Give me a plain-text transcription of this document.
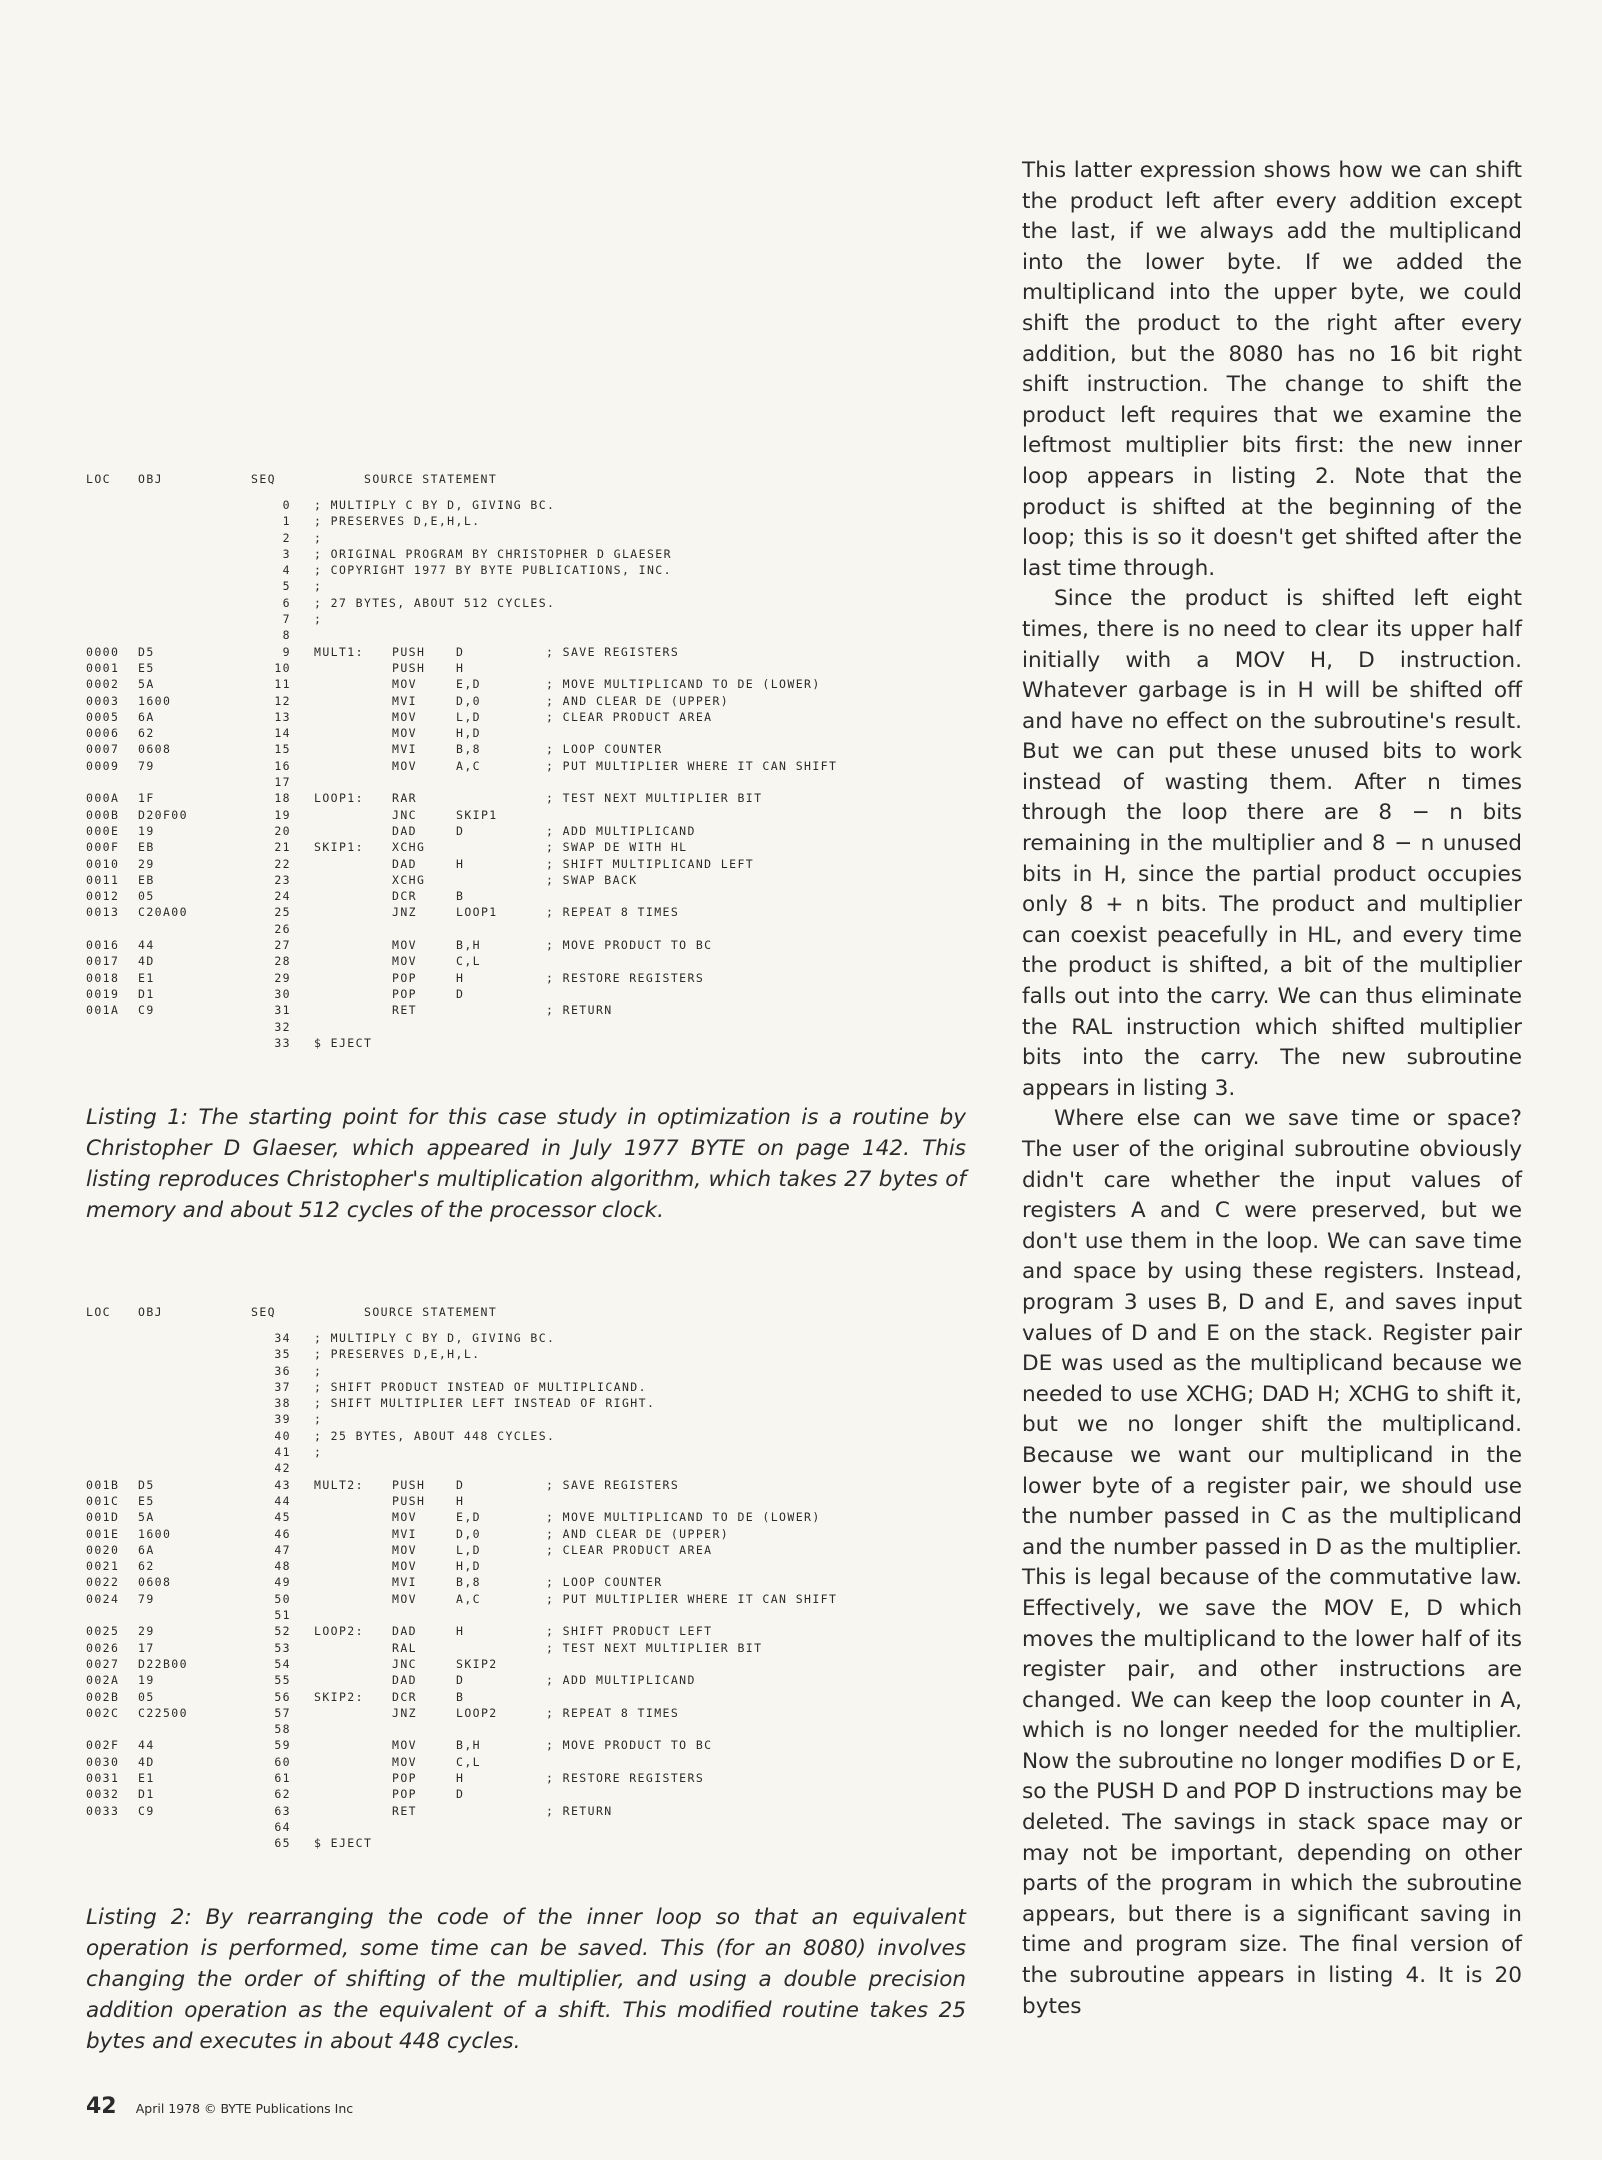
LOC OBJ	SEQ	SOURCE STATEMENT
0 ; MULTIPLY C BY D, GIVING BC.
1 ; PRESERVES D,E,H,L.
2 ;
3 ; ORIGINAL PROGRAM BY CHRISTOPHER D GLAESER
4 ; COPYRIGHT 1977 BY BYTE PUBLICATIONS, INC.
5 ;
6 ; 27 BYTES, ABOUT 512 CYCLES.
7 ;
8
0000 D5	9 MULT1: PUSH	D	; SAVE REGISTERS
0001 E5	10	PUSH	H
0002 5A	11	MOV	E,D	; MOVE MULTIPLICAND TO DE (LOWER)
0003 1600	12	MVI	D,0	; AND CLEAR DE (UPPER)
0005 6A	13	MOV	L,D	; CLEAR PRODUCT AREA
0006 62	14	MOV	H,D
0007 0608	15	MVI	B,8	; LOOP COUNTER
0009 79	16	MOV	A,C	; PUT MULTIPLIER WHERE IT CAN SHIFT
17
000A 1F	18 LOOP1: RAR	; TEST NEXT MULTIPLIER BIT
000B D20F00	19	JNC	SKIP1
000E 19	20	DAD	D	; ADD MULTIPLICAND
000F EB	21 SKIP1: XCHG	; SWAP DE WITH HL
0010 29	22	DAD	H	; SHIFT MULTIPLICAND LEFT
0011 EB	23	XCHG	; SWAP BACK
0012 05	24	DCR	B
0013 C20A00	25	JNZ	LOOP1	; REPEAT 8 TIMES
26
0016 44	27	MOV	B,H	; MOVE PRODUCT TO BC
0017 4D	28	MOV	C,L
0018 E1	29	POP	H	; RESTORE REGISTERS
0019 D1	30	POP	D
001A C9	31	RET	; RETURN
32
33 $ EJECT
Listing 1: The starting point for this case study in optimization is a routine by Christopher D Glaeser, which appeared in July 1977 BYTE on page 142. This listing reproduces Christopher's multiplication algorithm, which takes 27 bytes of memory and about 512 cycles of the processor clock.
LOC OBJ	SEQ	SOURCE STATEMENT
34 ; MULTIPLY C BY D, GIVING BC.
35 ; PRESERVES D,E,H,L.
36 ;
37 ; SHIFT PRODUCT INSTEAD OF MULTIPLICAND.
38 ; SHIFT MULTIPLIER LEFT INSTEAD OF RIGHT.
39 ;
40 ; 25 BYTES, ABOUT 448 CYCLES.
41 ;
42
001B D5	43 MULT2: PUSH	D	; SAVE REGISTERS
001C E5	44	PUSH	H
001D 5A	45	MOV	E,D	; MOVE MULTIPLICAND TO DE (LOWER)
001E 1600	46	MVI	D,0	; AND CLEAR DE (UPPER)
0020 6A	47	MOV	L,D	; CLEAR PRODUCT AREA
0021 62	48	MOV	H,D
0022 0608	49	MVI	B,8	; LOOP COUNTER
0024 79	50	MOV	A,C	; PUT MULTIPLIER WHERE IT CAN SHIFT
51
0025 29	52 LOOP2: DAD	H	; SHIFT PRODUCT LEFT
0026 17	53	RAL	; TEST NEXT MULTIPLIER BIT
0027 D22B00	54	JNC	SKIP2
002A 19	55	DAD	D	; ADD MULTIPLICAND
002B 05	56 SKIP2: DCR	B
002C C22500	57	JNZ	LOOP2	; REPEAT 8 TIMES
58
002F 44	59	MOV	B,H	; MOVE PRODUCT TO BC
0030 4D	60	MOV	C,L
0031 E1	61	POP	H	; RESTORE REGISTERS
0032 D1	62	POP	D
0033 C9	63	RET	; RETURN
64
65 $ EJECT
Listing 2: By rearranging the code of the inner loop so that an equivalent operation is performed, some time can be saved. This (for an 8080) involves changing the order of shifting of the multiplier, and using a double precision addition operation as the equivalent of a shift. This modified routine takes 25 bytes and executes in about 448 cycles.

This latter expression shows how we can shift the product left after every addition except the last, if we always add the multiplicand into the lower byte. If we added the multiplicand into the upper byte, we could shift the product to the right after every addition, but the 8080 has no 16 bit right shift instruction. The change to shift the product left requires that we examine the leftmost multiplier bits first: the new inner loop appears in listing 2. Note that the product is shifted at the beginning of the loop; this is so it doesn't get shifted after the last time through.

Since the product is shifted left eight times, there is no need to clear its upper half initially with a MOV H, D instruction. Whatever garbage is in H will be shifted off and have no effect on the subroutine's result. But we can put these unused bits to work instead of wasting them. After n times through the loop there are 8 − n bits remaining in the multiplier and 8 − n unused bits in H, since the partial product occupies only 8 + n bits. The product and multiplier can coexist peacefully in HL, and every time the product is shifted, a bit of the multiplier falls out into the carry. We can thus eliminate the RAL instruction which shifted multiplier bits into the carry. The new subroutine appears in listing 3.

Where else can we save time or space? The user of the original subroutine obviously didn't care whether the input values of registers A and C were preserved, but we don't use them in the loop. We can save time and space by using these registers. Instead, program 3 uses B, D and E, and saves input values of D and E on the stack. Register pair DE was used as the multiplicand because we needed to use XCHG; DAD H; XCHG to shift it, but we no longer shift the multiplicand. Because we want our multiplicand in the lower byte of a register pair, we should use the number passed in C as the multiplicand and the number passed in D as the multiplier. This is legal because of the commutative law. Effectively, we save the MOV E, D which moves the multiplicand to the lower half of its register pair, and other instructions are changed. We can keep the loop counter in A, which is no longer needed for the multiplier. Now the subroutine no longer modifies D or E, so the PUSH D and POP D instructions may be deleted. The savings in stack space may or may not be important, depending on other parts of the program in which the subroutine appears, but there is a significant saving in time and program size. The final version of the subroutine appears in listing 4. It is 20 bytes

42 April 1978 © BYTE Publications Inc
